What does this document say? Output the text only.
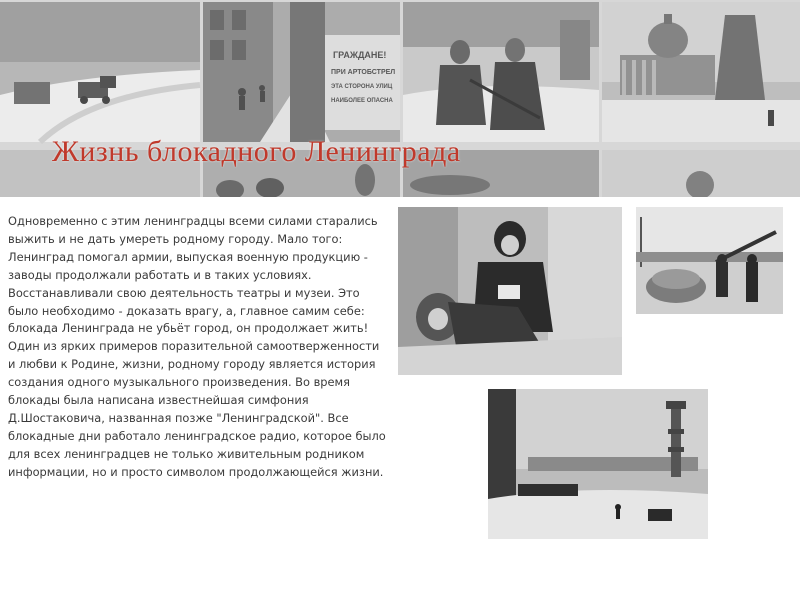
ГРАЖДАНЕ!
ПРИ АРТОБСТРЕЛ
ЭТА СТОРОНА УЛИЦ
НАИБОЛЕЕ ОПАСНА
Жизнь блокадного Ленинграда
Одновременно с этим ленинградцы всеми силами старались выжить и не дать умереть родному городу. Мало того: Ленинград помогал армии, выпуская военную продукцию - заводы продолжали работать и в таких условиях. Восстанавливали свою деятельность театры и музеи. Это было необходимо - доказать врагу, а, главное самим себе: блокада Ленинграда не убьёт город, он продолжает жить! Один из ярких примеров поразительной самоотверженности и любви к Родине, жизни, родному городу является история создания одного музыкального произведения. Во время блокады была написана известнейшая симфония Д.Шостаковича, названная позже "Ленинградской". Все блокадные дни работало ленинградское радио, которое было для всех ленинградцев не только живительным родником информации, но и просто символом продолжающейся жизни.
